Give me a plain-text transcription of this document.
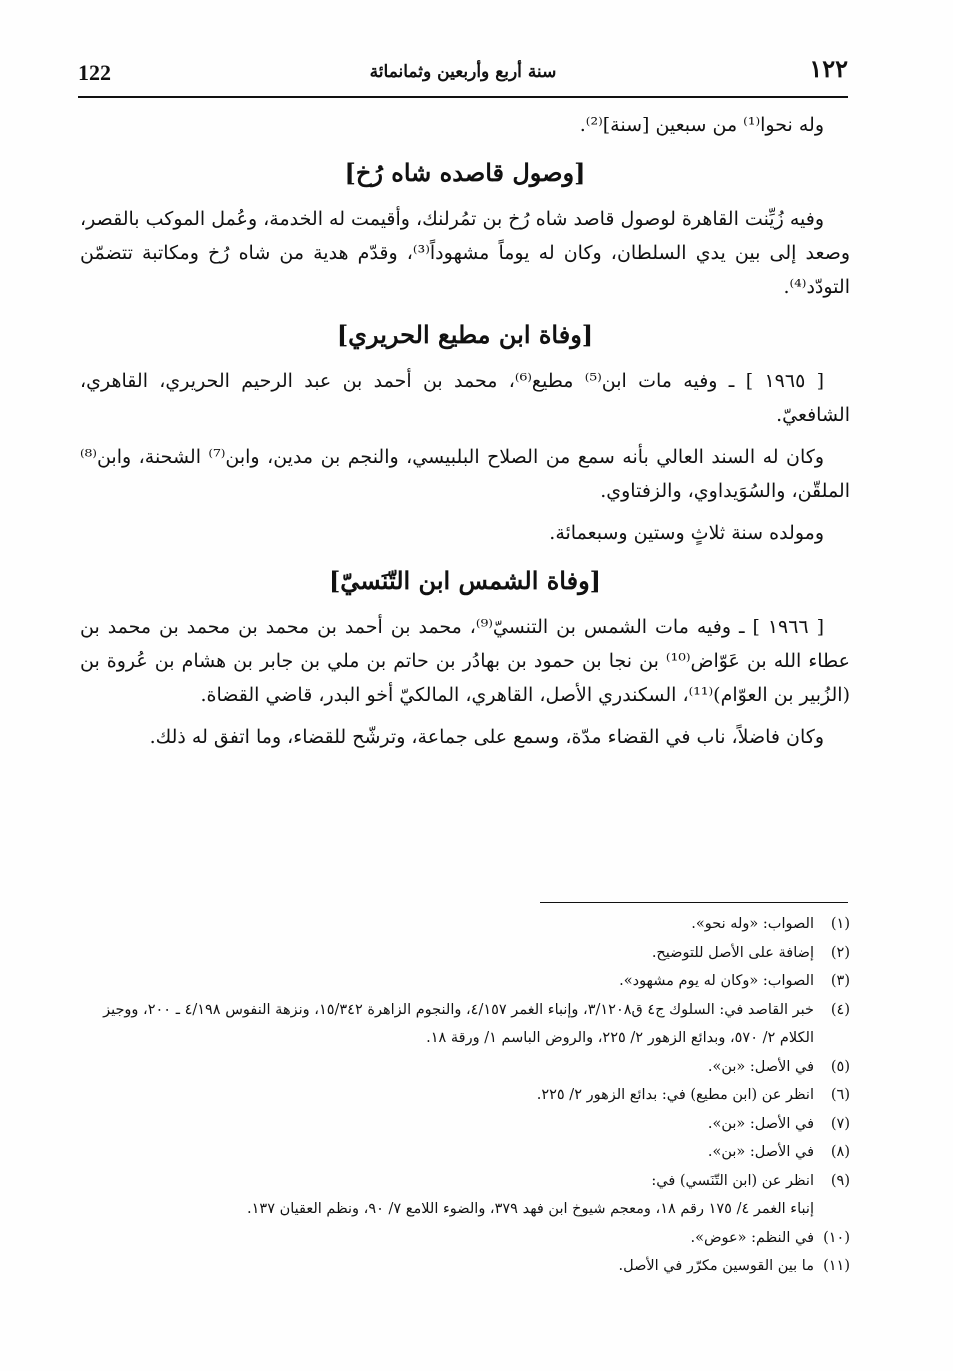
122	سنة أربع وأربعين وثمانمائة	١٢٢

وله نحوا⁽¹⁾ من سبعين [سنة]⁽²⁾.

[وصول قاصده شاه رُخ]

وفيه زُيِّنت القاهرة لوصول قاصد شاه رُخ بن تمُرلنك، وأقيمت له الخدمة، وعُمل الموكب بالقصر، وصعد إلى بين يدي السلطان، وكان له يوماً مشهوداً⁽³⁾، وقدّم هدية من شاه رُخ ومكاتبة تتضمّن التودّد⁽⁴⁾.

[وفاة ابن مطيع الحريري]

[ ١٩٦٥ ] ـ وفيه مات ابن⁽⁵⁾ مطيع⁽⁶⁾، محمد بن أحمد بن عبد الرحيم الحريري، القاهري، الشافعيّ.

وكان له السند العالي بأنه سمع من الصلاح البلبيسي، والنجم بن مدين، وابن⁽⁷⁾ الشحنة، وابن⁽⁸⁾ الملقّن، والسُوَيداوي، والزفتاوي.

ومولده سنة ثلاثٍ وستين وسبعمائة.

[وفاة الشمس ابن التّنَسيّ]

[ ١٩٦٦ ] ـ وفيه مات الشمس بن التنسيّ⁽⁹⁾، محمد بن أحمد بن محمد بن محمد بن محمد بن عطاء الله بن عَوّاض⁽¹⁰⁾ بن نجا بن حمود بن بهادُر بن حاتم بن ملي بن جابر بن هشام بن عُروة بن (الزُبير بن العوّام)⁽¹¹⁾، السكندري الأصل، القاهري، المالكيّ أخو البدر، قاضي القضاة.

وكان فاضلاً، ناب في القضاء مدّة، وسمع على جماعة، وترشّح للقضاء، وما اتفق له ذلك.

(١)
الصواب: «وله نحو».
(٢)
إضافة على الأصل للتوضيح.
(٣)
الصواب: «وكان له يوم مشهود».
(٤)
خبر القاصد في: السلوك ج٤ ق٣/١٢٠٨، وإنباء الغمر ٤/١٥٧، والنجوم الزاهرة ١٥/٣٤٢، ونزهة النفوس ٤/١٩٨ ـ ٢٠٠، ووجيز الكلام ٢/ ٥٧٠، وبدائع الزهور ٢/ ٢٢٥، والروض الباسم ١/ ورقة ١٨.
(٥)
في الأصل: «بن».
(٦)
انظر عن (ابن مطيع) في: بدائع الزهور ٢/ ٢٢٥.
(٧)
في الأصل: «بن».
(٨)
في الأصل: «بن».
(٩)
انظر عن (ابن التّنَسي) في:
إنباء الغمر ٤/ ١٧٥ رقم ١٨، ومعجم شيوخ ابن فهد ٣٧٩، والضوء اللامع ٧/ ٩٠، ونظم العقيان ١٣٧.
(١٠)
في النظم: «عوض».
(١١)
ما بين القوسين مكرّر في الأصل.
